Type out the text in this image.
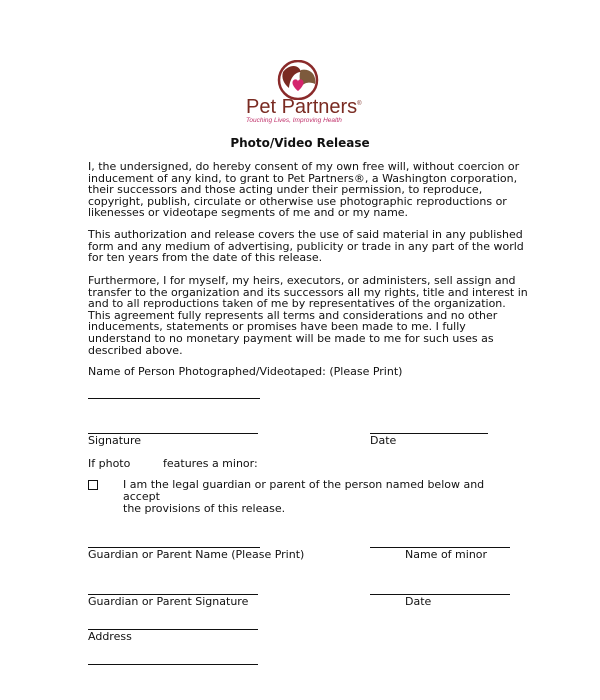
Pet Partners®
Touching Lives, Improving Health
Photo/Video Release
I, the undersigned, do hereby consent of my own free will, without coercion or inducement of any kind, to grant to Pet Partners®, a Washington corporation, their successors and those acting under their permission, to reproduce, copyright, publish, circulate or otherwise use photographic reproductions or likenesses or videotape segments of me and or my name.
This authorization and release covers the use of said material in any published form and any medium of advertising, publicity or trade in any part of the world for ten years from the date of this release.
Furthermore, I for myself, my heirs, executors, or administers, sell assign and transfer to the organization and its successors all my rights, title and interest in and to all reproductions taken of me by representatives of the organization. This agreement fully represents all terms and considerations and no other inducements, statements or promises have been made to me. I fully understand to no monetary payment will be made to me for such uses as described above.
Name of Person Photographed/Videotaped: (Please Print)
Signature	Date
If photo	features a minor:
I am the legal guardian or parent of the person named below and accept
the provisions of this release.
Guardian or Parent Name (Please Print)	Name of minor
Guardian or Parent Signature	Date
Address
